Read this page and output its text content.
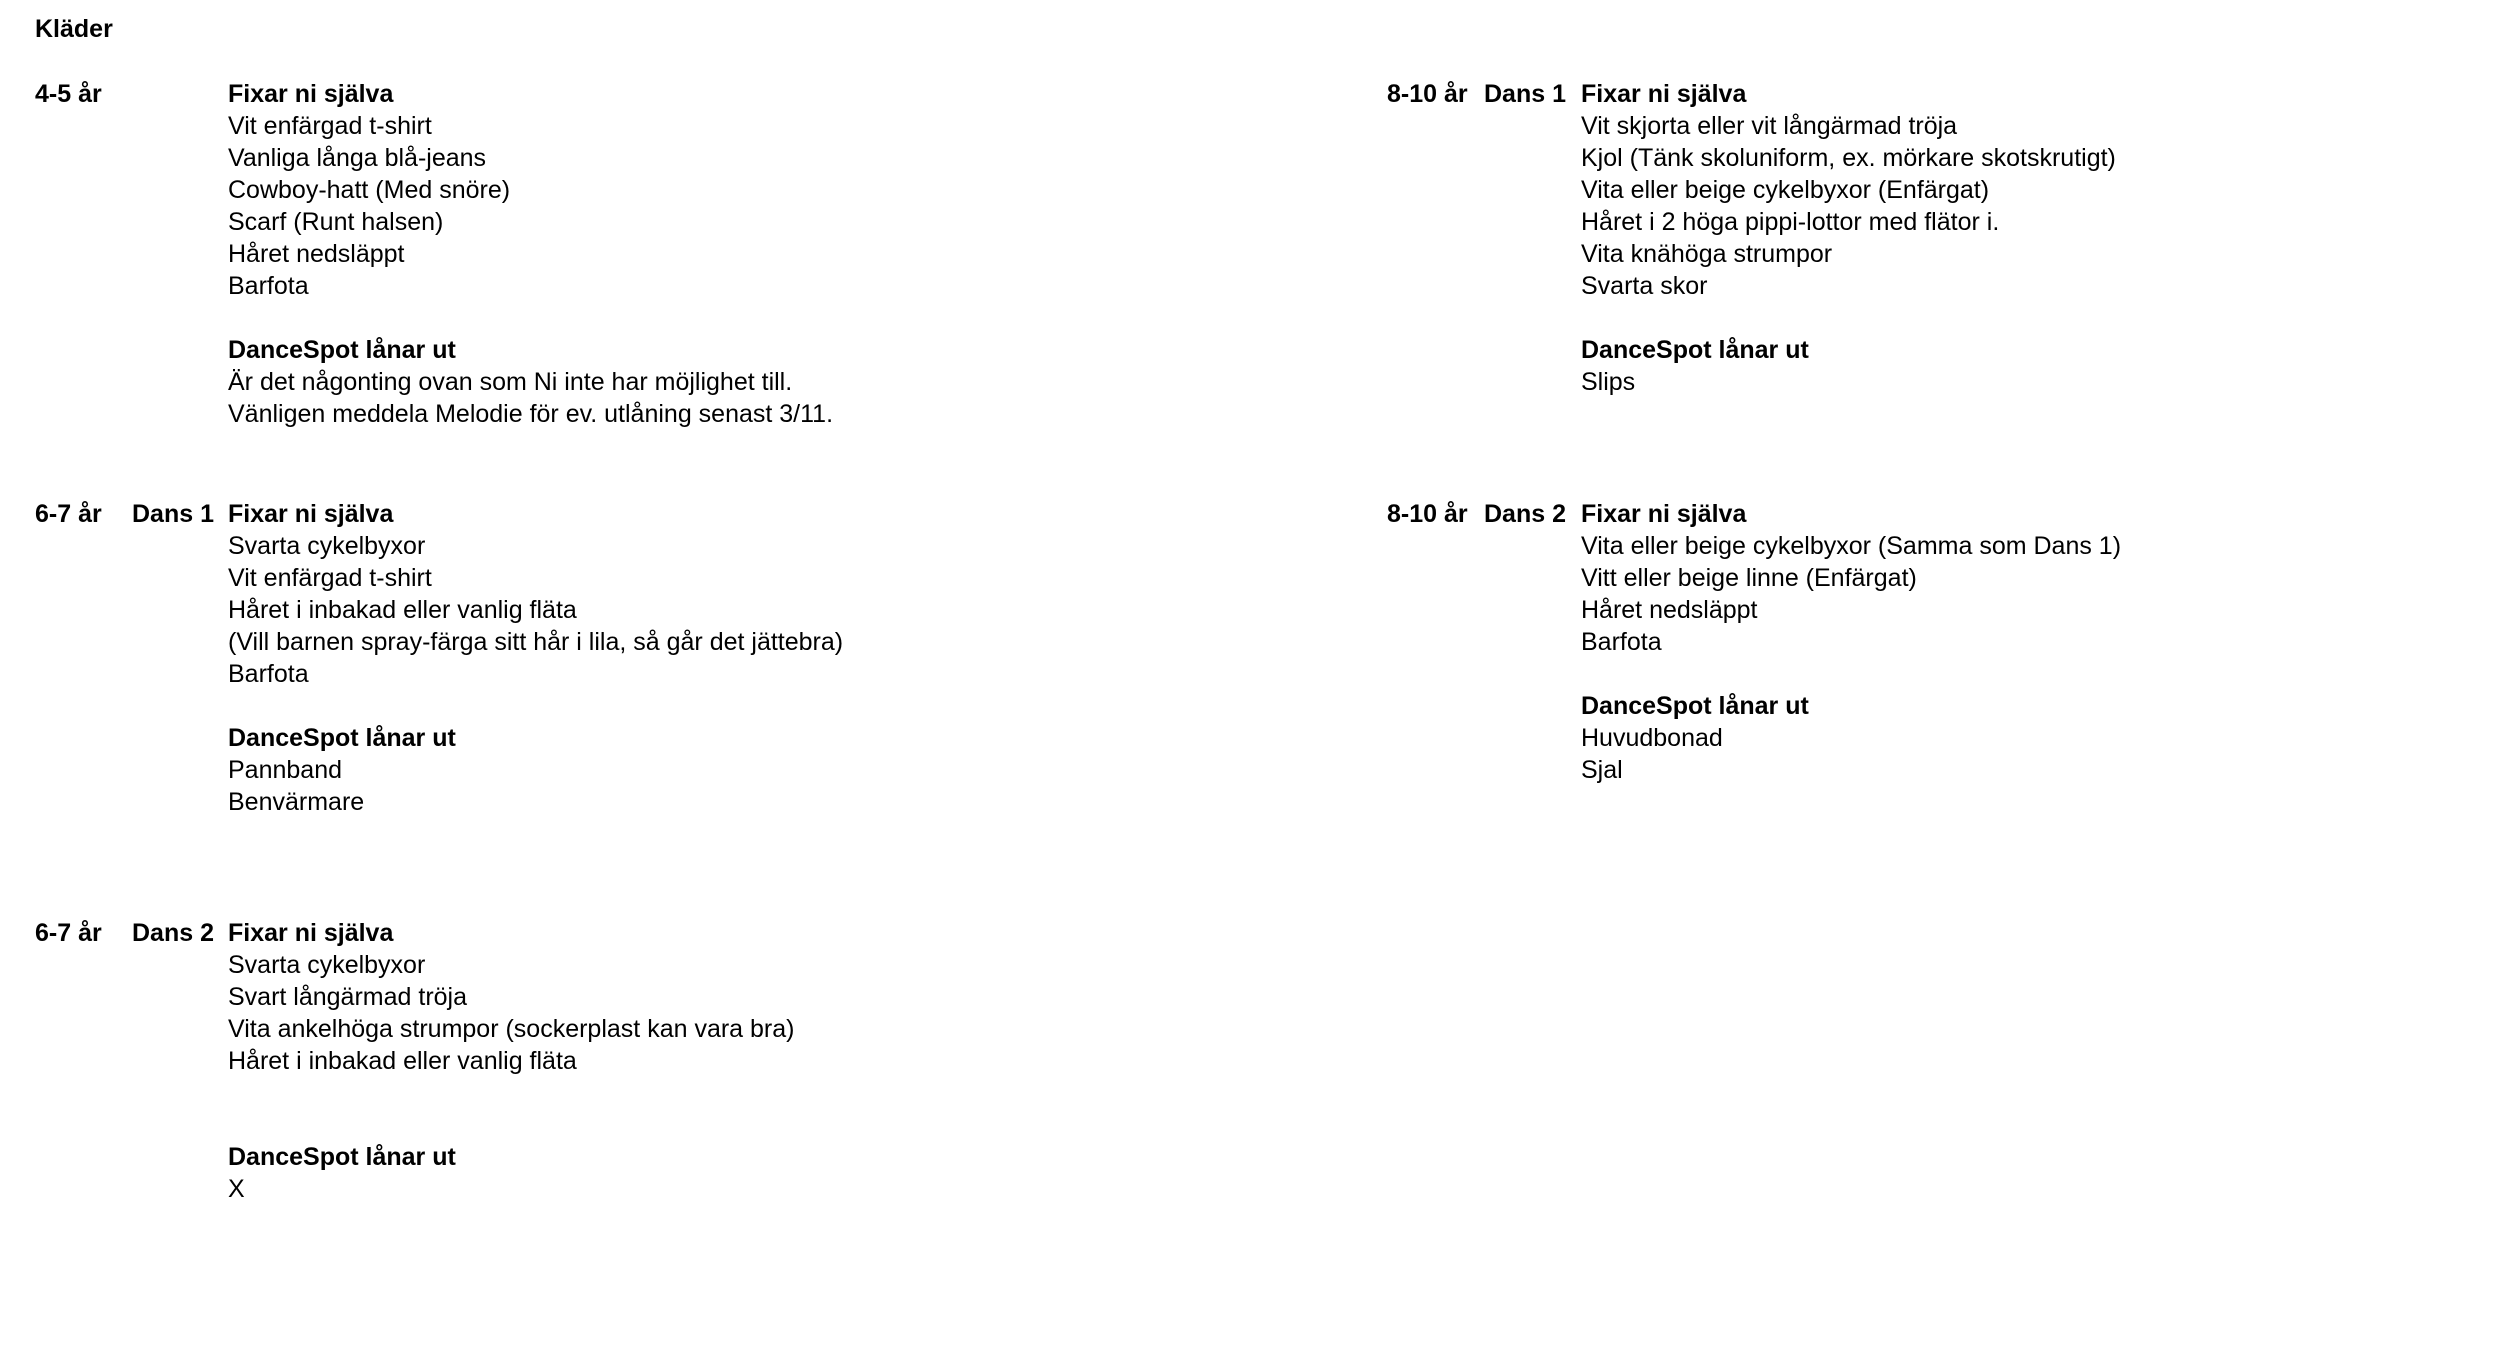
Kläder
4-5 år	Fixar ni själva
Vit enfärgad t-shirt
Vanliga långa blå-jeans
Cowboy-hatt (Med snöre)
Scarf (Runt halsen)
Håret nedsläppt
Barfota
DanceSpot lånar ut
Är det någonting ovan som Ni inte har möjlighet till.
Vänligen meddela Melodie för ev. utlåning senast 3/11.
6-7 år Dans 1 Fixar ni själva
Svarta cykelbyxor
Vit enfärgad t-shirt
Håret i inbakad eller vanlig fläta
(Vill barnen spray-färga sitt hår i lila, så går det jättebra)
Barfota
DanceSpot lånar ut
Pannband
Benvärmare
6-7 år Dans 2 Fixar ni själva
Svarta cykelbyxor
Svart långärmad tröja
Vita ankelhöga strumpor (sockerplast kan vara bra)
Håret i inbakad eller vanlig fläta
DanceSpot lånar ut
X
8-10 år Dans 1 Fixar ni själva
Vit skjorta eller vit långärmad tröja
Kjol (Tänk skoluniform, ex. mörkare skotskrutigt)
Vita eller beige cykelbyxor (Enfärgat)
Håret i 2 höga pippi-lottor med flätor i.
Vita knähöga strumpor
Svarta skor
DanceSpot lånar ut
Slips
8-10 år Dans 2 Fixar ni själva
Vita eller beige cykelbyxor (Samma som Dans 1)
Vitt eller beige linne (Enfärgat)
Håret nedsläppt
Barfota
DanceSpot lånar ut
Huvudbonad
Sjal
